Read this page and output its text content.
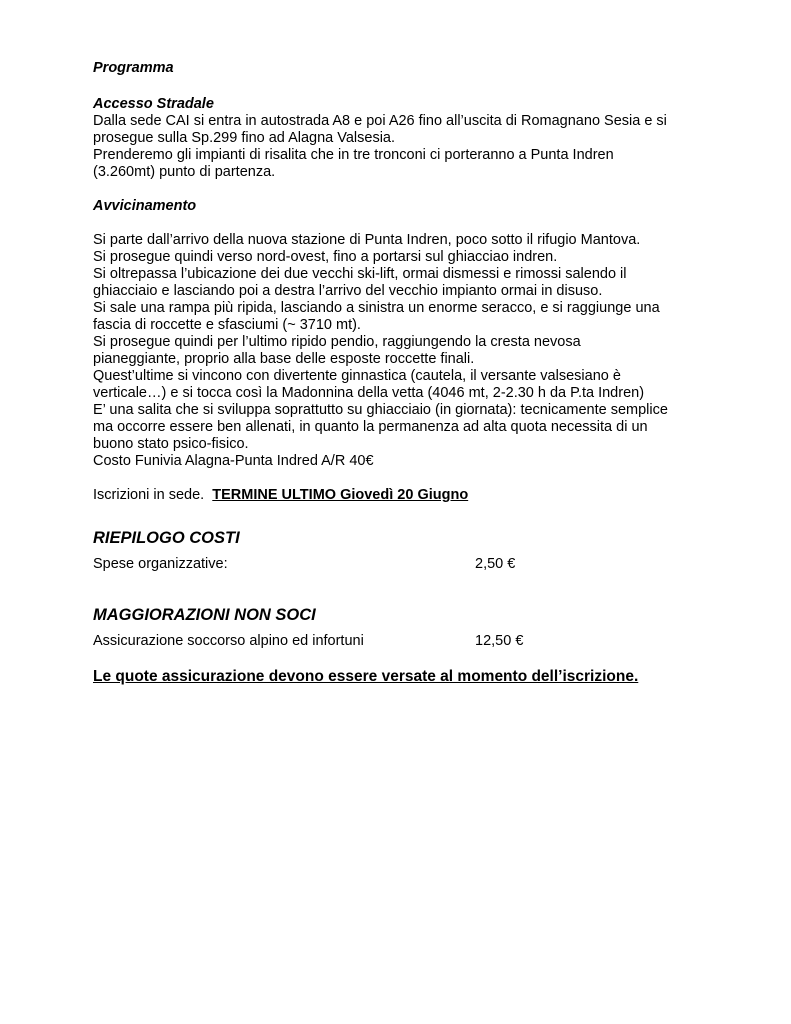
Programma
Accesso Stradale
Dalla sede CAI si entra in autostrada A8 e poi A26 fino all’uscita di Romagnano Sesia e si
prosegue sulla Sp.299 fino ad Alagna Valsesia.
Prenderemo gli impianti di risalita che in tre tronconi ci porteranno a Punta Indren
(3.260mt) punto di partenza.
Avvicinamento
Si parte dall’arrivo della nuova stazione di Punta Indren, poco sotto il rifugio Mantova.
Si prosegue quindi verso nord-ovest, fino a portarsi sul ghiacciao indren.
Si oltrepassa l’ubicazione dei due vecchi ski-lift, ormai dismessi e rimossi salendo il
ghiacciaio e lasciando poi a destra l’arrivo del vecchio impianto ormai in disuso.
Si sale una rampa più ripida, lasciando a sinistra un enorme seracco, e si raggiunge una
fascia di roccette e sfasciumi (~ 3710 mt).
Si prosegue quindi per l’ultimo ripido pendio, raggiungendo la cresta nevosa
pianeggiante, proprio alla base delle esposte roccette finali.
Quest’ultime si vincono con divertente ginnastica (cautela, il versante valsesiano è
verticale…) e si tocca così la Madonnina della vetta (4046 mt, 2-2.30 h da P.ta Indren)
E’ una salita che si sviluppa soprattutto su ghiacciaio (in giornata): tecnicamente semplice
ma occorre essere ben allenati, in quanto la permanenza ad alta quota necessita di un
buono stato psico-fisico.
Costo Funivia Alagna-Punta Indred A/R 40€
Iscrizioni in sede.  TERMINE ULTIMO Giovedì 20 Giugno
RIEPILOGO COSTI
Spese organizzative:	2,50 €
MAGGIORAZIONI NON SOCI
Assicurazione soccorso alpino ed infortuni	12,50 €
Le quote assicurazione devono essere versate al momento dell’iscrizione.
